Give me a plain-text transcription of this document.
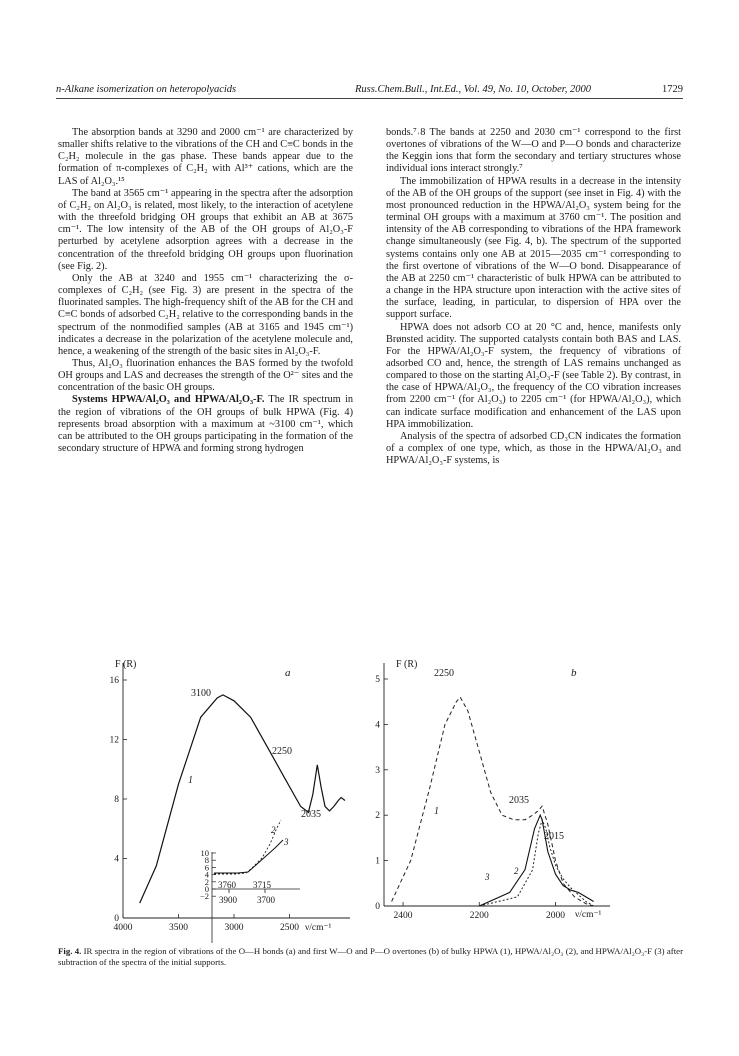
n-Alkane isomerization on heteropolyacids	Russ.Chem.Bull., Int.Ed., Vol. 49, No. 10, October, 2000	1729

The absorption bands at 3290 and 2000 cm⁻¹ are characterized by smaller shifts relative to the vibrations of the CH and C≡C bonds in the C₂H₂ molecule in the gas phase. These bands appear due to the formation of π-complexes of C₂H₂ with Al³⁺ cations, which are the LAS of Al₂O₃.¹⁵

The band at 3565 cm⁻¹ appearing in the spectra after the adsorption of C₂H₂ on Al₂O₃ is related, most likely, to the interaction of acetylene with the threefold bridging OH groups that exhibit an AB at 3675 cm⁻¹. The low intensity of the AB of the OH groups of Al₂O₃-F perturbed by acetylene adsorption agrees with a decrease in the concentration of the threefold bridging OH groups upon fluorination (see Fig. 2).

Only the AB at 3240 and 1955 cm⁻¹ characterizing the σ-complexes of C₂H₂ (see Fig. 3) are present in the spectra of the fluorinated samples. The high-frequency shift of the AB for the CH and C≡C bonds of adsorbed C₂H₂ relative to the corresponding bands in the spectrum of the nonmodified samples (AB at 3165 and 1945 cm⁻¹) indicates a decrease in the polarization of the acetylene molecule and, hence, a weakening of the strength of the basic sites in Al₂O₃-F.

Thus, Al₂O₃ fluorination enhances the BAS formed by the twofold OH groups and LAS and decreases the strength of the O²⁻ sites and the concentration of the basic OH groups.

Systems HPWA/Al₂O₃ and HPWA/Al₂O₃-F. The IR spectrum in the region of vibrations of the OH groups of bulk HPWA (Fig. 4) represents broad absorption with a maximum at ~3100 cm⁻¹, which can be attributed to the OH groups participating in the formation of the secondary structure of HPWA and forming strong hydrogen

bonds.⁷˒8 The bands at 2250 and 2030 cm⁻¹ correspond to the first overtones of vibrations of the W—O and P—O bonds and characterize the Keggin ions that form the secondary and tertiary structures whose individual ions interact strongly.⁷

The immobilization of HPWA results in a decrease in the intensity of the AB of the OH groups of the support (see inset in Fig. 4) with the most pronounced reduction in the HPWA/Al₂O₃ system being for the terminal OH groups with a maximum at 3760 cm⁻¹. The position and intensity of the AB corresponding to vibrations of the HPA framework change simultaneously (see Fig. 4, b). The spectrum of the supported systems contains only one AB at 2015—2035 cm⁻¹ corresponding to the first overtone of vibrations of the W—O bond. Disappearance of the AB at 2250 cm⁻¹ characteristic of bulk HPWA can be attributed to a change in the HPA structure upon interaction with the active sites of the surface, leading, in particular, to dispersion of HPA over the support surface.

HPWA does not adsorb CO at 20 °C and, hence, manifests only Brønsted acidity. The supported catalysts contain both BAS and LAS. For the HPWA/Al₂O₃-F system, the frequency of vibrations of adsorbed CO and, hence, the strength of LAS remains unchanged as compared to those on the starting Al₂O₃-F (see Table 2). By contrast, in the case of HPWA/Al₂O₃, the frequency of the CO vibration increases from 2200 cm⁻¹ (for Al₂O₃) to 2205 cm⁻¹ (for HPWA/Al₂O₃), which can indicate surface modification and enhancement of the LAS upon HPA immobilization.

Analysis of the spectra of adsorbed CD₃CN indicates the formation of a complex of one type, which, as those in the HPWA/Al₂O₃ and HPWA/Al₂O₃-F systems, is

F (R)
a
16
12
8
4
0
4000	3500	3000	2500 ν/cm⁻¹
3100
2250
2035
1
10
8
6
4
2
0
−2 3900 3700
3760 3715
2
3
F (R)
b
5
4
3
2
1
0
2400	2200	2000 ν/cm⁻¹
2250
2035
2015
1
2
3
Fig. 4. IR spectra in the region of vibrations of the O—H bonds (a) and first W—O and P—O overtones (b) of bulky HPWA (1), HPWA/Al₂O₃ (2), and HPWA/Al₂O₃-F (3) after subtraction of the spectra of the initial supports.
